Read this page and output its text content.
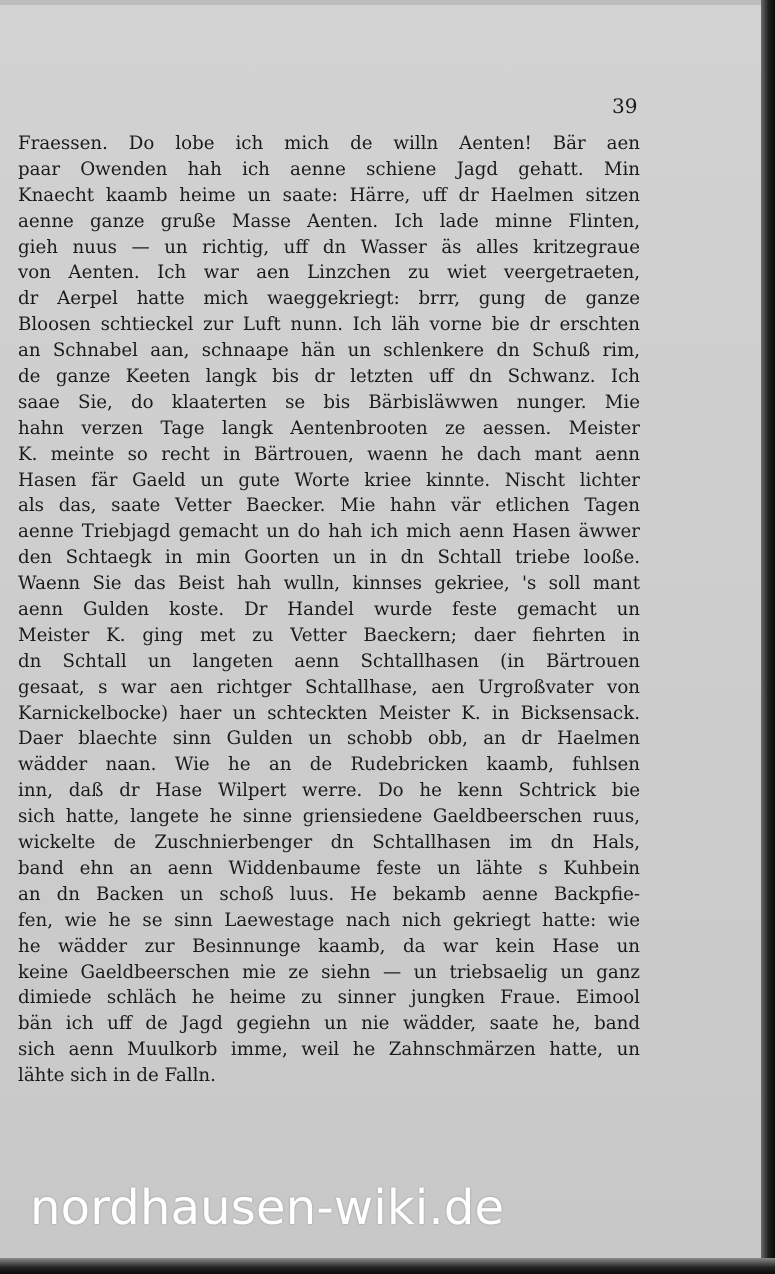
39
Fraessen. Do lobe ich mich de willn Aenten! Bär aen
paar Owenden hah ich aenne schiene Jagd gehatt. Min
Knaecht kaamb heime un saate: Härre, uff dr Haelmen sitzen
aenne ganze gruße Masse Aenten. Ich lade minne Flinten,
gieh nuus — un richtig, uff dn Wasser äs alles kritzegraue
von Aenten. Ich war aen Linzchen zu wiet veergetraeten,
dr Aerpel hatte mich waeggekriegt: brrr, gung de ganze
Bloosen schtieckel zur Luft nunn. Ich läh vorne bie dr erschten
an Schnabel aan, schnaape hän un schlenkere dn Schuß rim,
de ganze Keeten langk bis dr letzten uff dn Schwanz. Ich
saae Sie, do klaaterten se bis Bärbisläwwen nunger. Mie
hahn verzen Tage langk Aentenbrooten ze aessen. Meister
K. meinte so recht in Bärtrouen, waenn he dach mant aenn
Hasen fär Gaeld un gute Worte kriee kinnte. Nischt lichter
als das, saate Vetter Baecker. Mie hahn vär etlichen Tagen
aenne Triebjagd gemacht un do hah ich mich aenn Hasen äwwer
den Schtaegk in min Goorten un in dn Schtall triebe looße.
Waenn Sie das Beist hah wulln, kinnses gekriee, 's soll mant
aenn Gulden koste. Dr Handel wurde feste gemacht un
Meister K. ging met zu Vetter Baeckern; daer fiehrten in
dn Schtall un langeten aenn Schtallhasen (in Bärtrouen
gesaat, s war aen richtger Schtallhase, aen Urgroßvater von
Karnickelbocke) haer un schteckten Meister K. in Bicksensack.
Daer blaechte sinn Gulden un schobb obb, an dr Haelmen
wädder naan. Wie he an de Rudebricken kaamb, fuhlsen
inn, daß dr Hase Wilpert werre. Do he kenn Schtrick bie
sich hatte, langete he sinne griensiedene Gaeldbeerschen ruus,
wickelte de Zuschnierbenger dn Schtallhasen im dn Hals,
band ehn an aenn Widdenbaume feste un lähte s Kuhbein
an dn Backen un schoß luus. He bekamb aenne Backpfie-
fen, wie he se sinn Laewestage nach nich gekriegt hatte: wie
he wädder zur Besinnunge kaamb, da war kein Hase un
keine Gaeldbeerschen mie ze siehn — un triebsaelig un ganz
dimiede schläch he heime zu sinner jungken Fraue. Eimool
bän ich uff de Jagd gegiehn un nie wädder, saate he, band
sich aenn Muulkorb imme, weil he Zahnschmärzen hatte, un
lähte sich in de Falln.
nordhausen-wiki.de
